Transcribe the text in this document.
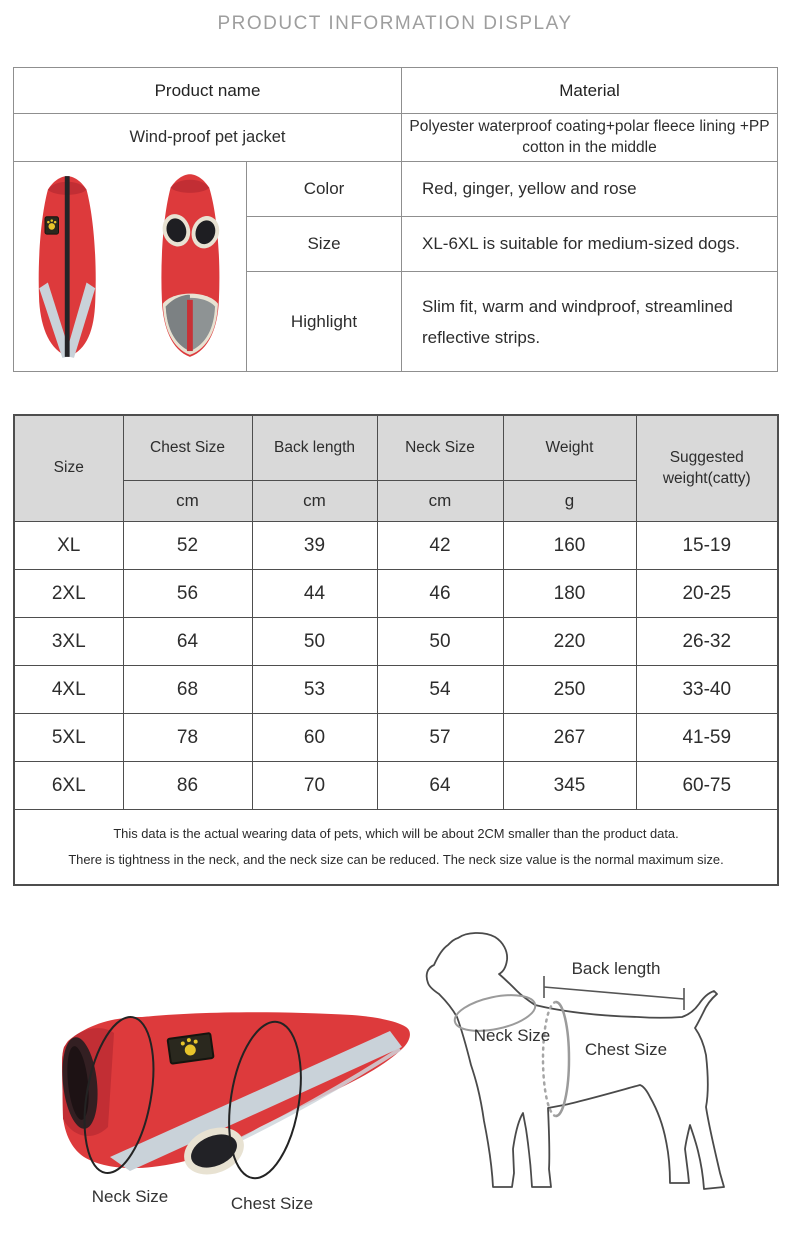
PRODUCT INFORMATION DISPLAY
Product name		Material
Wind-proof pet jacket		Polyester waterproof coating+polar fleece lining +PP cotton in the middle

	Color	Red, ginger, yellow and rose
	Size	XL-6XL is suitable for medium-sized dogs.
	Highlight	Slim fit, warm and windproof, streamlined reflective strips.
Size	Chest Size	Back length	Neck Size	Weight	Suggested weight(catty)
	cm	cm	cm	g	
XL	52	39	42	160	15-19
2XL	56	44	46	180	20-25
3XL	64	50	50	220	26-32
4XL	68	53	54	250	33-40
5XL	78	60	57	267	41-59
6XL	86	70	64	345	60-75

This data is the actual wearing data of pets, which will be about 2CM smaller than the product data.
There is tightness in the neck, and the neck size can be reduced. The neck size value is the normal maximum size.					
Neck Size	Chest Size
Back length
Neck Size
Chest Size
